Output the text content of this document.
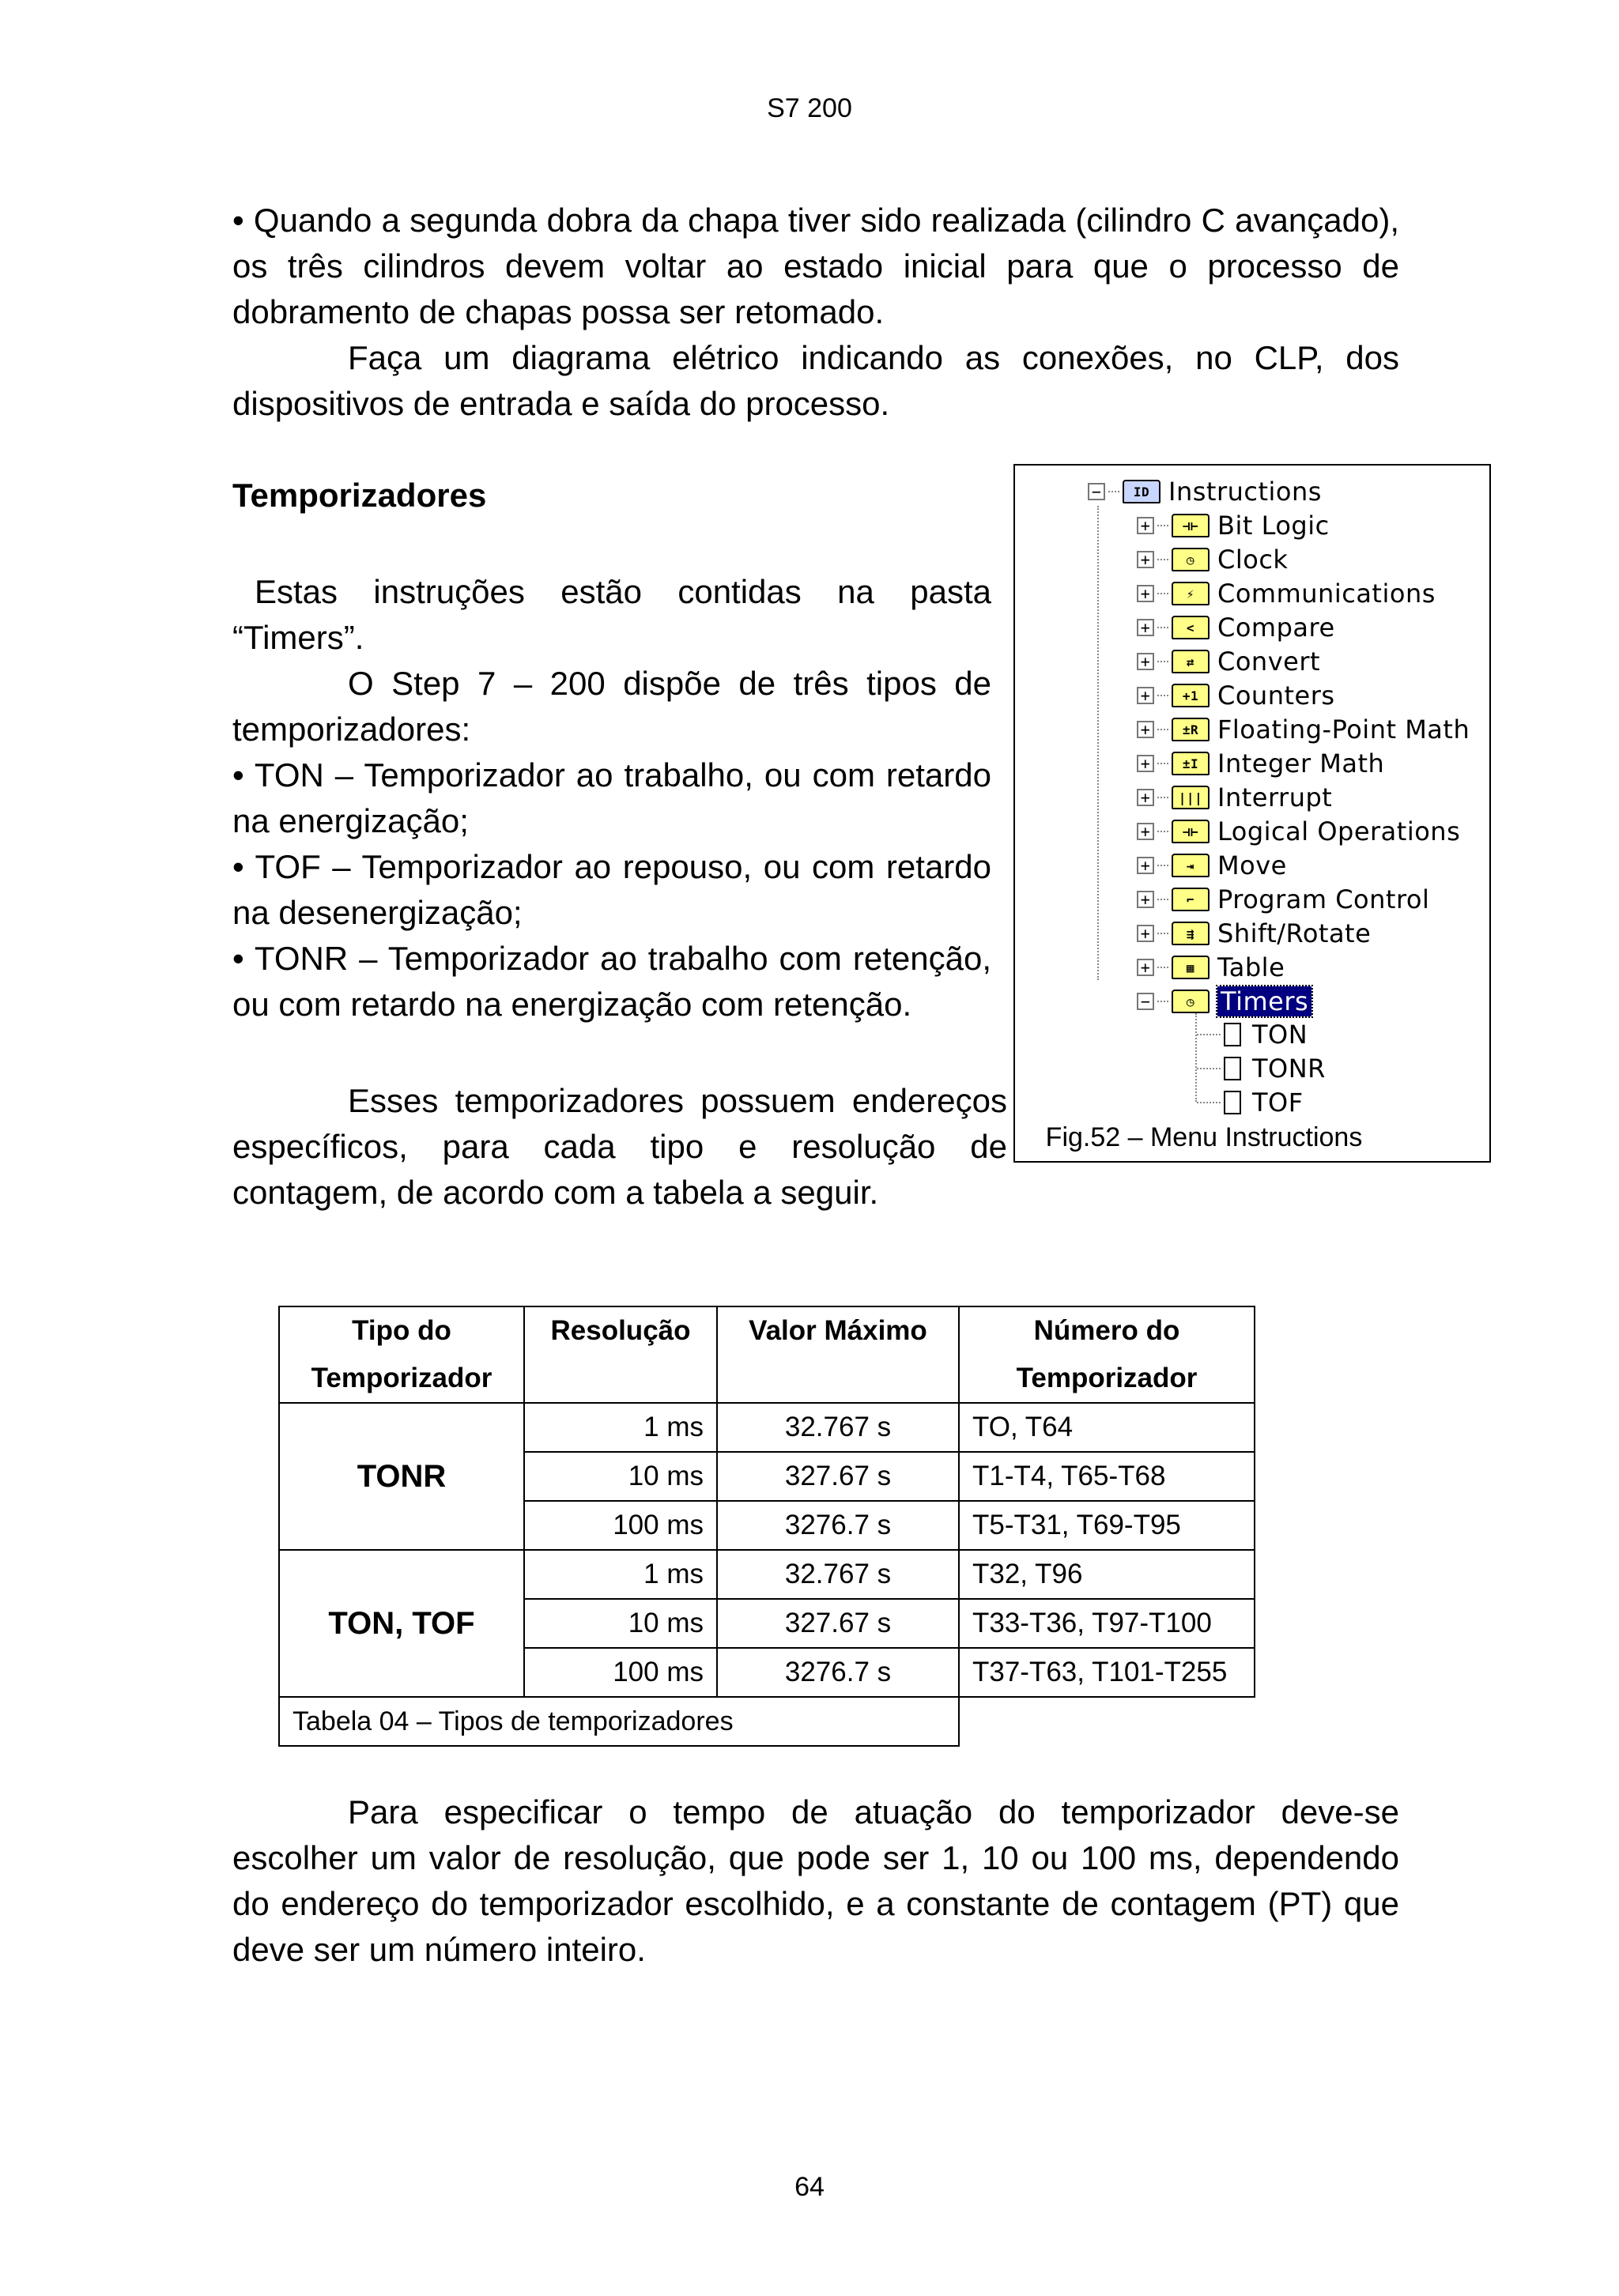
S7 200

• Quando a segunda dobra da chapa tiver sido realizada (cilindro C avançado), os três cilindros devem voltar ao estado inicial para que o processo de dobramento de chapas possa ser retomado.

Faça um diagrama elétrico indicando as conexões, no CLP, dos dispositivos de entrada e saída do processo.

Temporizadores

Estas instruções estão contidas na pasta “Timers”.

O Step 7 – 200 dispõe de três tipos de temporizadores:

• TON – Temporizador ao trabalho, ou com retardo na energização;

• TOF – Temporizador ao repouso, ou com retardo na desenergização;

• TONR – Temporizador ao trabalho com retenção, ou com retardo na energização com retenção.

Esses temporizadores possuem endereços específicos, para cada tipo e resolução de contagem, de acordo com a tabela a seguir.

Fig.52 – Menu Instructions
−	ID Instructions
+	⊣⊢ Bit Logic
+	◷ Clock
+	⚡ Communications
+	< Compare
+	⇄ Convert
+	+1 Counters
+	±R Floating-Point Math
+	±I Integer Math
+	||| Interrupt
+	⊣⊢ Logical Operations
+	⇥ Move
+	⌐ Program Control
+	⇶ Shift/Rotate
+	▦ Table
−	◷	Timers
TON
TONR
TOF
Tipo do
Temporizador	Resolução	Valor Máximo	Número do
Temporizador
TONR	1 ms	32.767 s	TO, T64
	10 ms	327.67 s	T1-T4, T65-T68
	100 ms	3276.7 s	T5-T31, T69-T95
TON, TOF	1 ms	32.767 s	T32, T96
	10 ms	327.67 s	T33-T36, T97-T100
	100 ms	3276.7 s	T37-T63, T101-T255
Tabela 04 – Tipos de temporizadores			

Para especificar o tempo de atuação do temporizador deve-se escolher um valor de resolução, que pode ser 1, 10 ou 100 ms, dependendo do endereço do temporizador escolhido, e a constante de contagem (PT) que deve ser um número inteiro.

64
